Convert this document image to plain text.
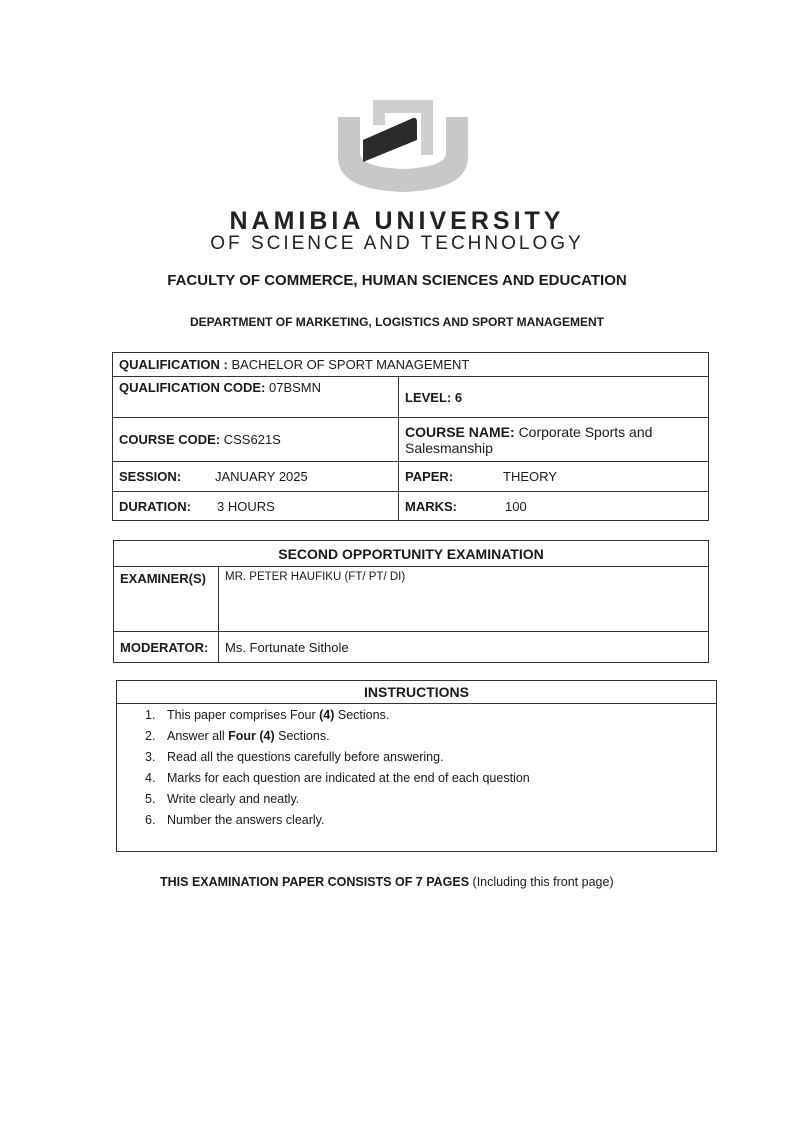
NAMIBIA UNIVERSITY
OF SCIENCE AND TECHNOLOGY
FACULTY OF COMMERCE, HUMAN SCIENCES AND EDUCATION
DEPARTMENT OF MARKETING, LOGISTICS AND SPORT MANAGEMENT
QUALIFICATION : BACHELOR OF SPORT MANAGEMENT	
QUALIFICATION CODE: 07BSMN	LEVEL: 6
COURSE CODE: CSS621S	COURSE NAME: Corporate Sports and Salesmanship
SESSION: JANUARY 2025	PAPER: THEORY
DURATION: 3 HOURS	MARKS: 100
SECOND OPPORTUNITY EXAMINATION	
EXAMINER(S)	MR. PETER HAUFIKU (FT/ PT/ DI)
MODERATOR:	Ms. Fortunate Sithole
INSTRUCTIONS
1. This paper comprises Four (4) Sections.
2. Answer all Four (4) Sections.
3. Read all the questions carefully before answering.
4. Marks for each question are indicated at the end of each question
5. Write clearly and neatly.
6. Number the answers clearly.
THIS EXAMINATION PAPER CONSISTS OF 7 PAGES (Including this front page)
